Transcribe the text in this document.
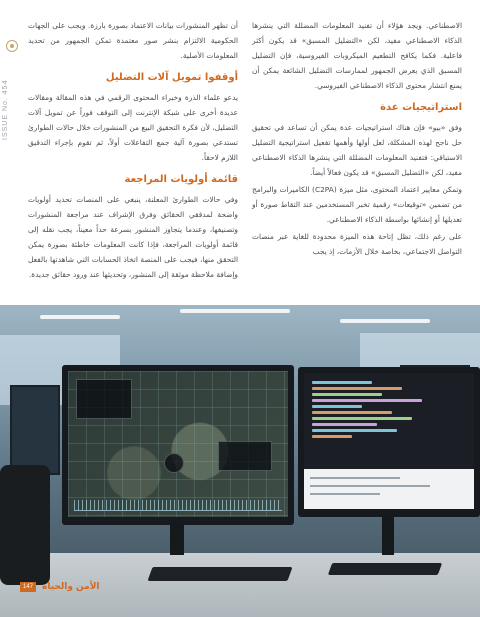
ISSUE No. 454

الاصطناعي. ويجد هؤلاء أن تفنيد المعلومات المضللة التي ينشرها الذكاء الاصطناعي مفيد، لكن «التضليل المسبق» قد يكون أكثر فاعلية. فكما يكافح التطعيم الميكروبات الفيروسية، فإن التضليل المسبق الذي يعرض الجمهور لممارسات التضليل الشائعة يمكن أن يمنع انتشار محتوى الذكاء الاصطناعي الفيروسي.

استراتيجيات عدة

وفق «بيو» فإن هناك استراتيجيات عدة يمكن أن تساعد في تحقيق حل ناجح لهذه المشكلة، لعل أولها وأهمها تفعيل استراتيجية التضليل الاستباقي: فتفنيد المعلومات المضللة التي ينشرها الذكاء الاصطناعي مفيد، لكن «التضليل المسبق» قد يكون فعالاً أيضاً.

وتمكن معايير اعتماد المحتوى، مثل ميزة (C2PA) الكاميرات والبرامج من تضمين «توقيعات» رقمية تخبر المستخدمين عند التقاط صورة أو تعديلها أو إنشائها بواسطة الذكاء الاصطناعي.

على رغم ذلك، تظل إتاحة هذه الميزة محدودة للغاية عبر منصات التواصل الاجتماعي، بخاصة خلال الأزمات، إذ يجب

أن تظهر المنشورات بيانات الاعتماد بصورة بارزة. ويجب على الجهات الحكومية الالتزام بنشر صور معتمدة تمكن الجمهور من تحديد المعلومات الأصلية.

أوقفوا تمويل آلات التضليل

يدعو علماء الذرة وخبراء المحتوى الرقمي في هذه المقالة ومقالات عديدة أخرى على شبكة الإنترنت إلى التوقف فوراً عن تمويل آلات التضليل، لأن فكرة التحقيق البيع من المنشورات خلال حالات الطوارئ تستدعي بصورة آلية جمع التفاعلات أولاً، ثم تقوم بإجراء التدقيق اللازم لاحقاً.

قائمة أولويات المراجعة

وفي حالات الطوارئ المعلنة، ينبغي على المنصات تحديد أولويات واضحة لمدققي الحقائق وفرق الإشراف عند مراجعة المنشورات وتصنيفها، وعندما يتجاوز المنشور بسرعة حداً معيناً، يجب نقله إلى قائمة أولويات المراجعة، فإذا كانت المعلومات خاطئة بصورة يمكن التحقق منها، فيجب على المنصة اتخاذ الحسابات التي شاهدتها بالفعل وإضافة ملاحظة موثقة إلى المنشور، وتحديثها عند ورود حقائق جديدة.

147	الأمن والحياة
